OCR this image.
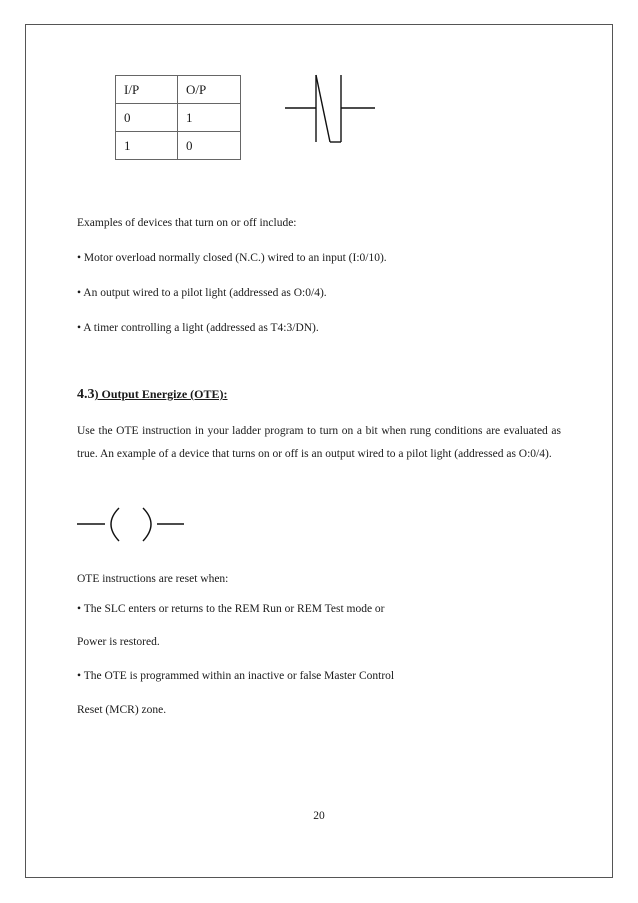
I/P	O/P
0	1
1	0
Examples of devices that turn on or off include:
• Motor overload normally closed (N.C.) wired to an input (I:0/10).
• An output wired to a pilot light (addressed as O:0/4).
• A timer controlling a light (addressed as T4:3/DN).
4.3) Output Energize (OTE):
Use the OTE instruction in your ladder program to turn on a bit when rung conditions are evaluated as true. An example of a device that turns on or off is an output wired to a pilot light (addressed as O:0/4).
OTE instructions are reset when:
• The SLC enters or returns to the REM Run or REM Test mode or
Power is restored.
• The OTE is programmed within an inactive or false Master Control
Reset (MCR) zone.
20
